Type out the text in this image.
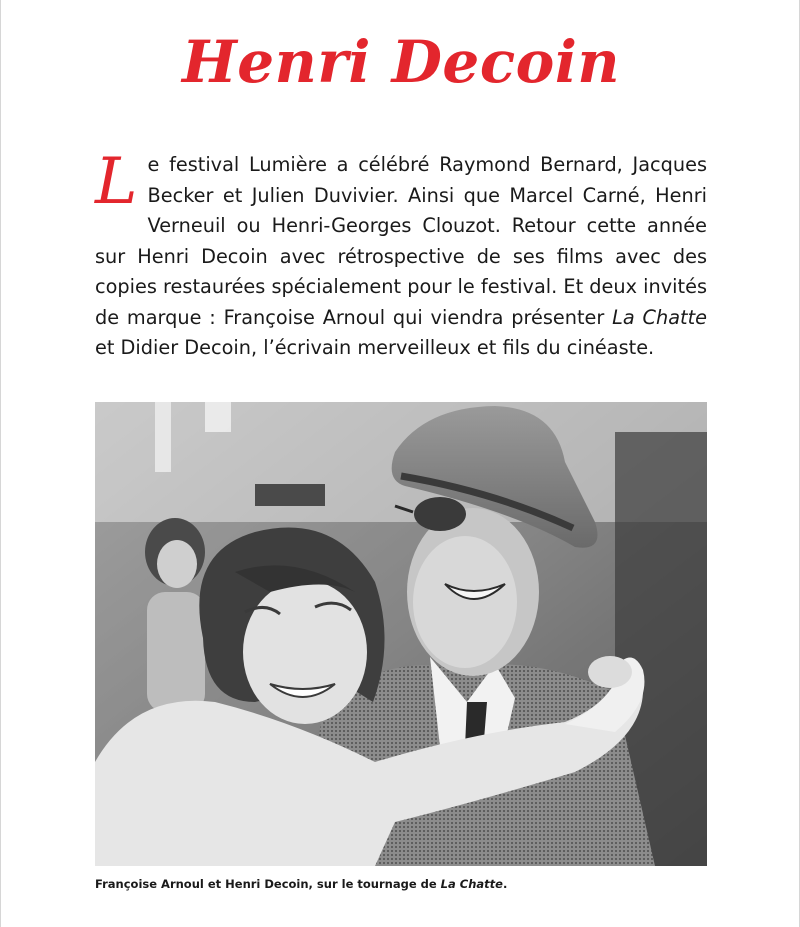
Henri Decoin
Le festival Lumière a célébré Raymond Bernard, Jacques Becker et Julien Duvivier. Ainsi que Marcel Carné, Henri Verneuil ou Henri-Georges Clouzot. Retour cette année sur Henri Decoin avec rétrospective de ses films avec des copies restaurées spécialement pour le festival. Et deux invités de marque : Françoise Arnoul qui viendra présenter La Chatte et Didier Decoin, l’écrivain merveilleux et fils du cinéaste.
Françoise Arnoul et Henri Decoin, sur le tournage de La Chatte.
